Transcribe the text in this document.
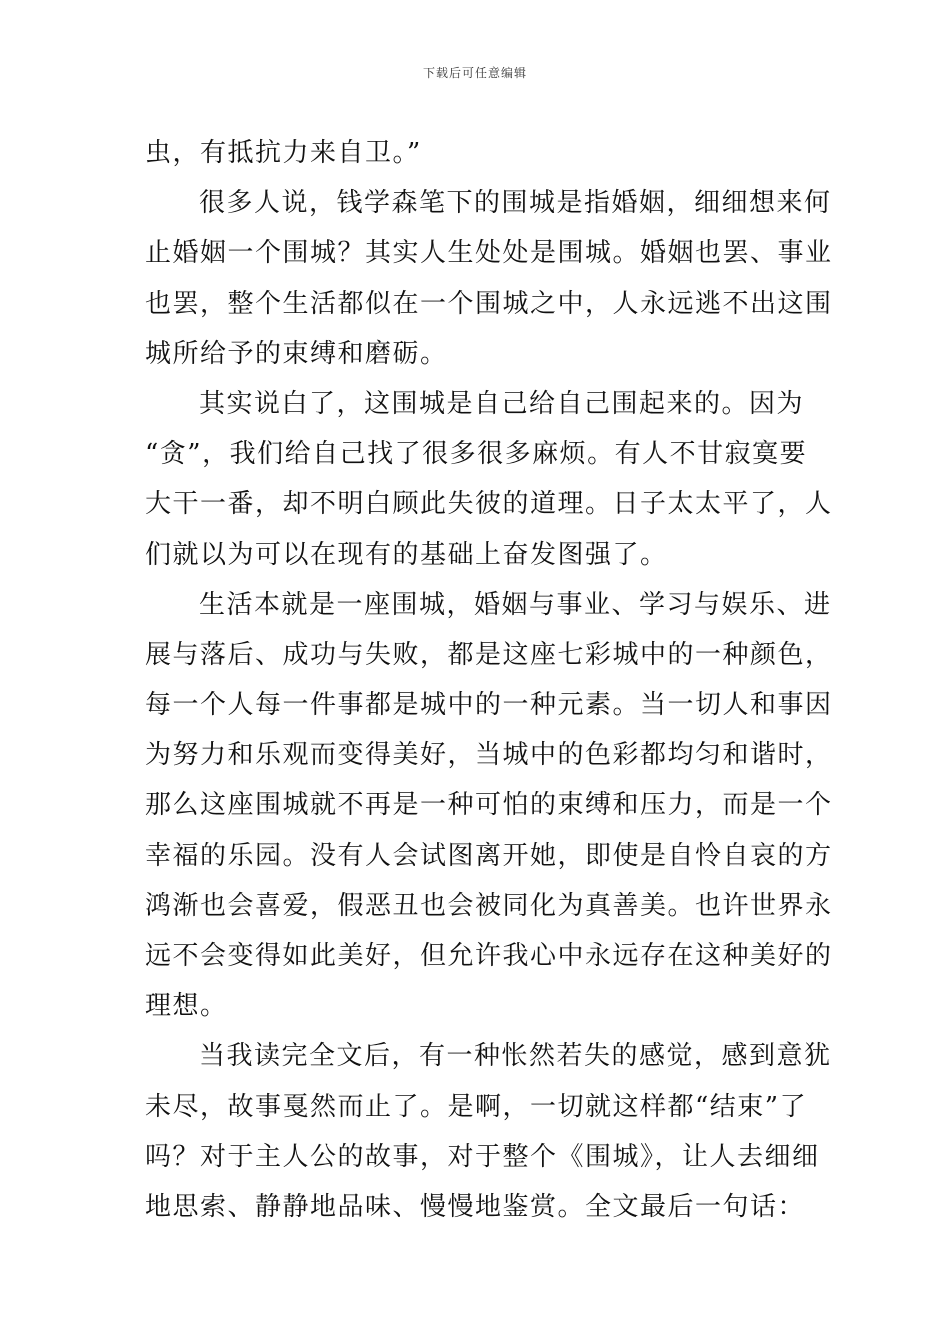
下载后可任意编辑
虫，有抵抗力来自卫。”
很多人说，钱学森笔下的围城是指婚姻，细细想来何
止婚姻一个围城？其实人生处处是围城。婚姻也罢、事业
也罢，整个生活都似在一个围城之中，人永远逃不出这围
城所给予的束缚和磨砺。
其实说白了，这围城是自己给自己围起来的。因为
“贪”，我们给自己找了很多很多麻烦。有人不甘寂寞要
大干一番，却不明白顾此失彼的道理。日子太太平了，人
们就以为可以在现有的基础上奋发图强了。
生活本就是一座围城，婚姻与事业、学习与娱乐、进
展与落后、成功与失败，都是这座七彩城中的一种颜色，
每一个人每一件事都是城中的一种元素。当一切人和事因
为努力和乐观而变得美好，当城中的色彩都均匀和谐时，
那么这座围城就不再是一种可怕的束缚和压力，而是一个
幸福的乐园。没有人会试图离开她，即使是自怜自哀的方
鸿渐也会喜爱，假恶丑也会被同化为真善美。也许世界永
远不会变得如此美好，但允许我心中永远存在这种美好的
理想。
当我读完全文后，有一种怅然若失的感觉，感到意犹
未尽，故事戛然而止了。是啊，一切就这样都“结束”了
吗？对于主人公的故事，对于整个《围城》，让人去细细
地思索、静静地品味、慢慢地鉴赏。全文最后一句话：
